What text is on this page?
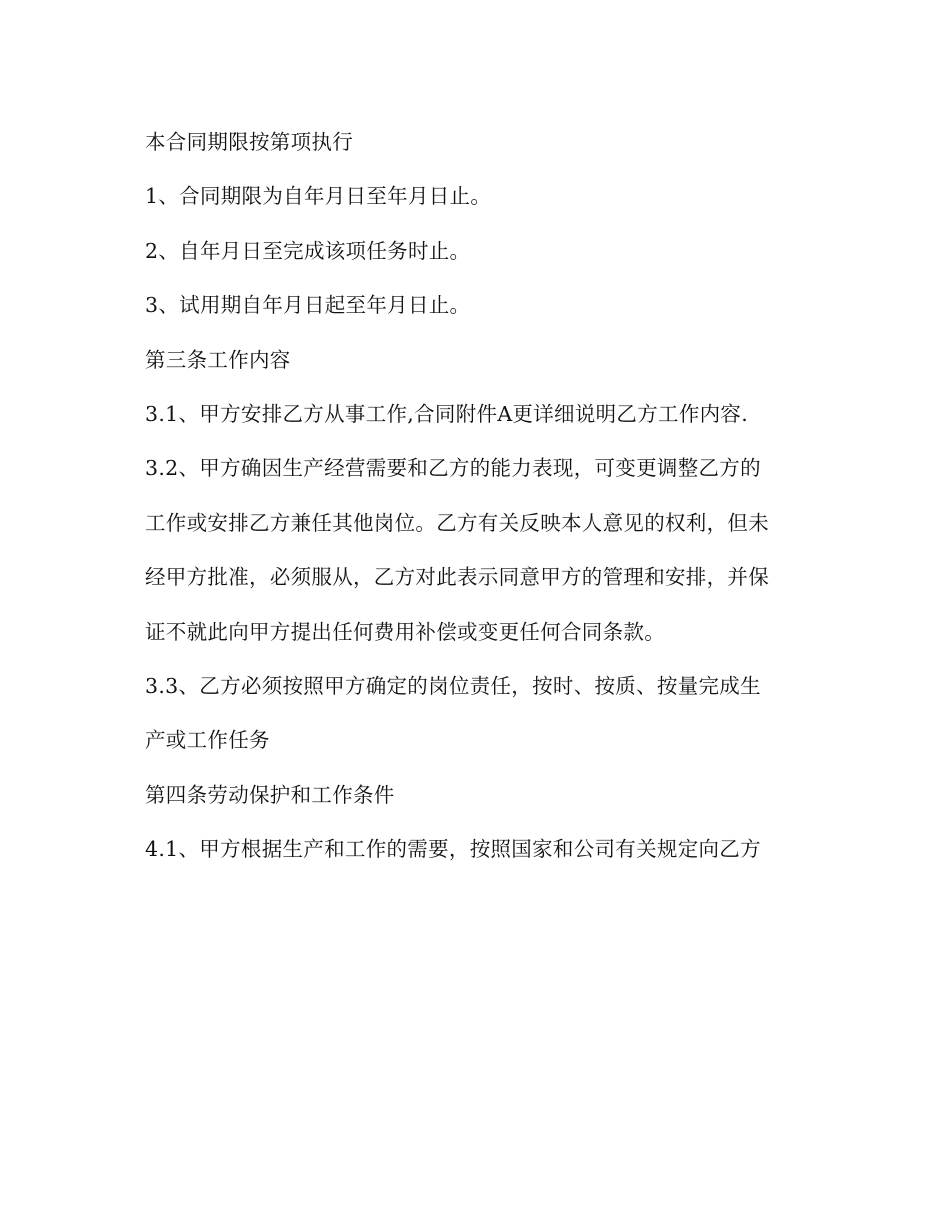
本合同期限按第项执行

1、合同期限为自年月日至年月日止。

2、自年月日至完成该项任务时止。

3、试用期自年月日起至年月日止。

第三条工作内容

3.1、甲方安排乙方从事工作,合同附件A更详细说明乙方工作内容.

3.2、甲方确因生产经营需要和乙方的能力表现，可变更调整乙方的

工作或安排乙方兼任其他岗位。乙方有关反映本人意见的权利，但未

经甲方批准，必须服从，乙方对此表示同意甲方的管理和安排，并保

证不就此向甲方提出任何费用补偿或变更任何合同条款。

3.3、乙方必须按照甲方确定的岗位责任，按时、按质、按量完成生

产或工作任务

第四条劳动保护和工作条件

4.1、甲方根据生产和工作的需要，按照国家和公司有关规定向乙方
